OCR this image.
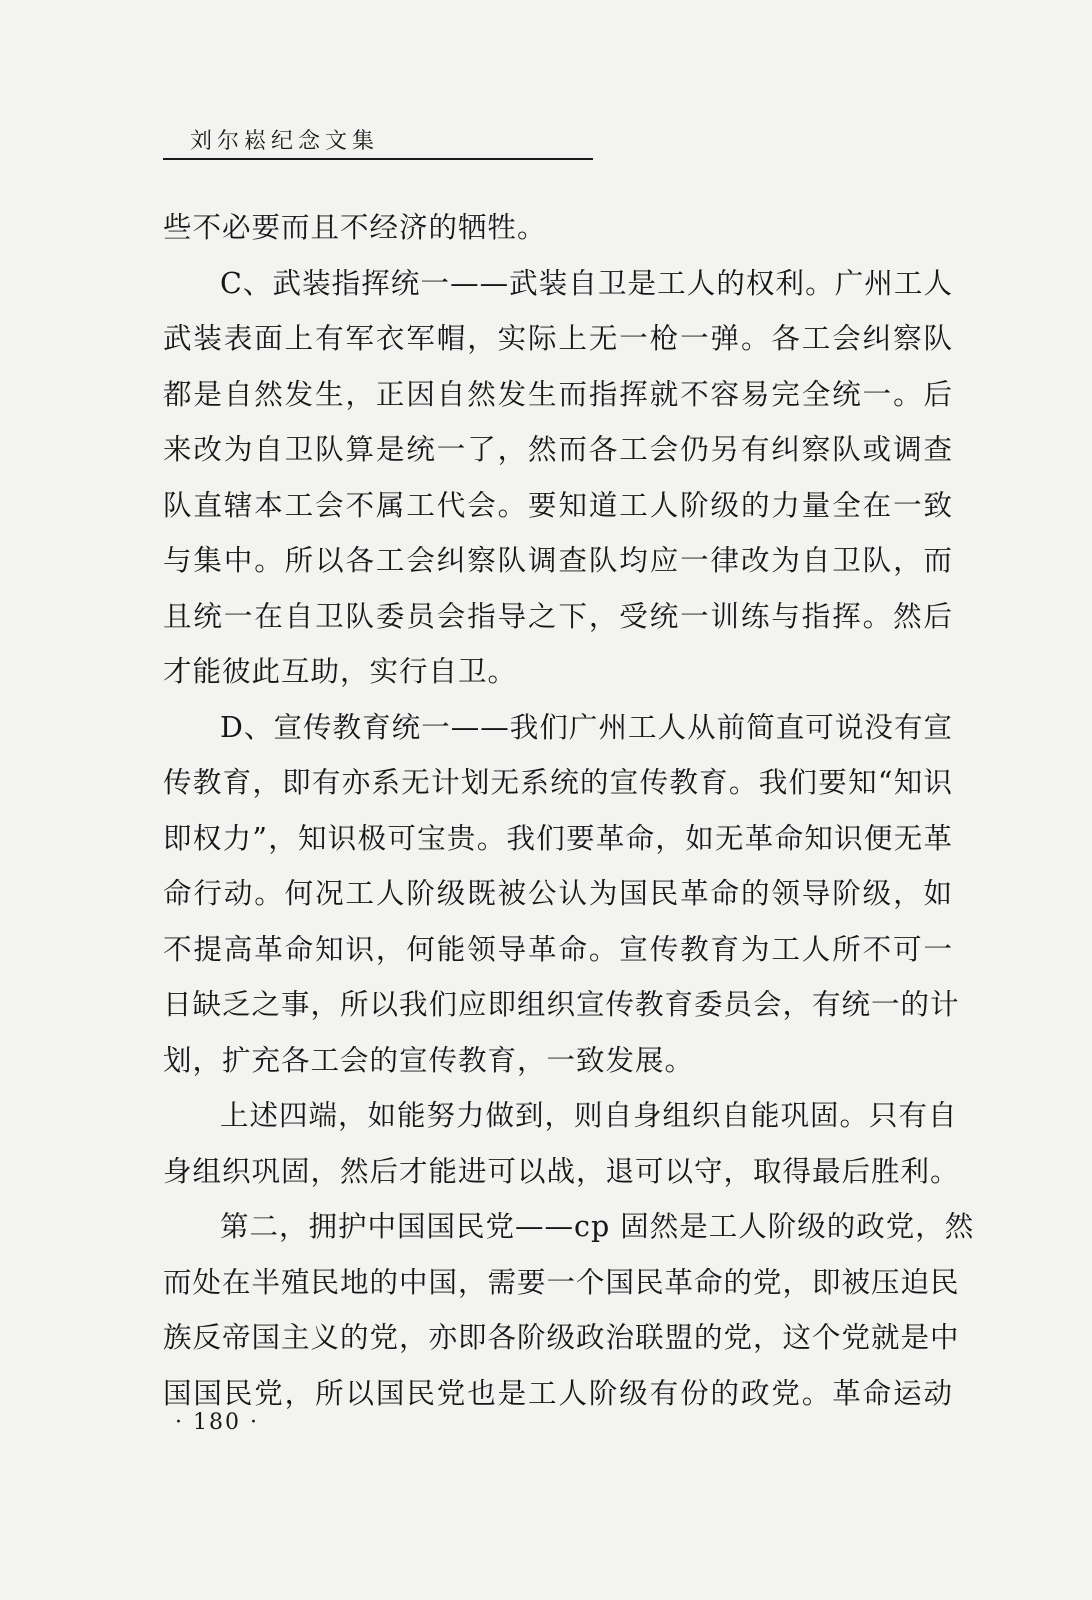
刘尔崧纪念文集
些不必要而且不经济的牺牲。
C、武装指挥统一——武装自卫是工人的权利。广州工人
武装表面上有军衣军帽，实际上无一枪一弹。各工会纠察队
都是自然发生，正因自然发生而指挥就不容易完全统一。后
来改为自卫队算是统一了，然而各工会仍另有纠察队或调查
队直辖本工会不属工代会。要知道工人阶级的力量全在一致
与集中。所以各工会纠察队调查队均应一律改为自卫队，而
且统一在自卫队委员会指导之下，受统一训练与指挥。然后
才能彼此互助，实行自卫。
D、宣传教育统一——我们广州工人从前简直可说没有宣
传教育，即有亦系无计划无系统的宣传教育。我们要知“知识
即权力”，知识极可宝贵。我们要革命，如无革命知识便无革
命行动。何况工人阶级既被公认为国民革命的领导阶级，如
不提高革命知识，何能领导革命。宣传教育为工人所不可一
日缺乏之事，所以我们应即组织宣传教育委员会，有统一的计
划，扩充各工会的宣传教育，一致发展。
上述四端，如能努力做到，则自身组织自能巩固。只有自
身组织巩固，然后才能进可以战，退可以守，取得最后胜利。
第二，拥护中国国民党——cp 固然是工人阶级的政党，然
而处在半殖民地的中国，需要一个国民革命的党，即被压迫民
族反帝国主义的党，亦即各阶级政治联盟的党，这个党就是中
国国民党，所以国民党也是工人阶级有份的政党。革命运动
· 180 ·
